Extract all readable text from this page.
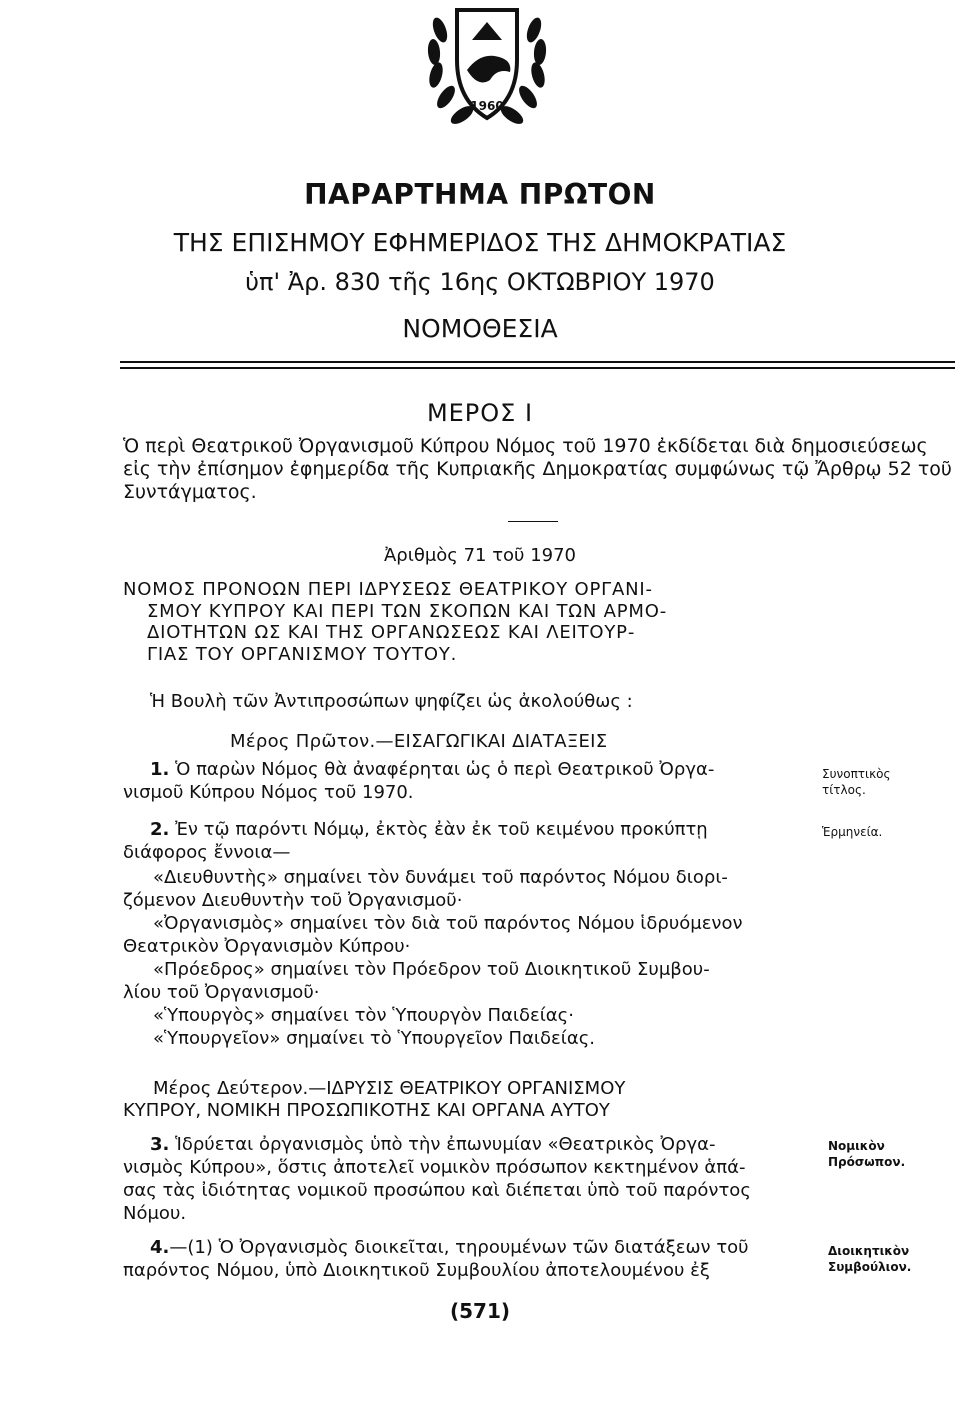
1960
ΠΑΡΑΡΤΗΜΑ ΠΡΩΤΟΝ
ΤΗΣ ΕΠΙΣΗΜΟΥ ΕΦΗΜΕΡΙΔΟΣ ΤΗΣ ΔΗΜΟΚΡΑΤΙΑΣ
ὑπ' Ἀρ. 830 τῆς 16ης ΟΚΤΩΒΡΙΟΥ 1970
ΝΟΜΟΘΕΣΙΑ
ΜΕΡΟΣ Ι

Ὁ περὶ Θεατρικοῦ Ὀργανισμοῦ Κύπρου Νόμος τοῦ 1970 ἐκδίδεται διὰ δημοσιεύσεως εἰς τὴν ἐπίσημον ἐφημερίδα τῆς Κυπριακῆς Δημοκρατίας συμφώνως τῷ Ἄρθρῳ 52 τοῦ Συντάγματος.

Ἀριθμὸς 71 τοῦ 1970
ΝΟΜΟΣ ΠΡΟΝΟΩΝ ΠΕΡΙ ΙΔΡΥΣΕΩΣ ΘΕΑΤΡΙΚΟΥ ΟΡΓΑΝΙ-
ΣΜΟΥ ΚΥΠΡΟΥ ΚΑΙ ΠΕΡΙ ΤΩΝ ΣΚΟΠΩΝ ΚΑΙ ΤΩΝ ΑΡΜΟ-
ΔΙΟΤΗΤΩΝ ΩΣ ΚΑΙ ΤΗΣ ΟΡΓΑΝΩΣΕΩΣ ΚΑΙ ΛΕΙΤΟΥΡ-
ΓΙΑΣ ΤΟΥ ΟΡΓΑΝΙΣΜΟΥ ΤΟΥΤΟΥ.
Ἡ Βουλὴ τῶν Ἀντιπροσώπων ψηφίζει ὡς ἀκολούθως :
Μέρος Πρῶτον.—ΕΙΣΑΓΩΓΙΚΑΙ ΔΙΑΤΑΞΕΙΣ
1. Ὁ παρὼν Νόμος θὰ ἀναφέρηται ὡς ὁ περὶ Θεατρικοῦ Ὀργα-
νισμοῦ Κύπρου Νόμος τοῦ 1970.
Συνοπτικὸς
τίτλος.
2. Ἐν τῷ παρόντι Νόμῳ, ἐκτὸς ἐὰν ἐκ τοῦ κειμένου προκύπτῃ
διάφορος ἔννοια—
Ἑρμηνεία.
«Διευθυντὴς» σημαίνει τὸν δυνάμει τοῦ παρόντος Νόμου διορι-
ζόμενον Διευθυντὴν τοῦ Ὀργανισμοῦ·
«Ὀργανισμὸς» σημαίνει τὸν διὰ τοῦ παρόντος Νόμου ἱδρυόμενον
Θεατρικὸν Ὀργανισμὸν Κύπρου·
«Πρόεδρος» σημαίνει τὸν Πρόεδρον τοῦ Διοικητικοῦ Συμβου-
λίου τοῦ Ὀργανισμοῦ·
«Ὑπουργὸς» σημαίνει τὸν Ὑπουργὸν Παιδείας·
«Ὑπουργεῖον» σημαίνει τὸ Ὑπουργεῖον Παιδείας.
Μέρος Δεύτερον.—ΙΔΡΥΣΙΣ ΘΕΑΤΡΙΚΟΥ ΟΡΓΑΝΙΣΜΟΥ
ΚΥΠΡΟΥ, ΝΟΜΙΚΗ ΠΡΟΣΩΠΙΚΟΤΗΣ ΚΑΙ ΟΡΓΑΝΑ ΑΥΤΟΥ
3. Ἱδρύεται ὀργανισμὸς ὑπὸ τὴν ἐπωνυμίαν «Θεατρικὸς Ὀργα-
νισμὸς Κύπρου», ὅστις ἀποτελεῖ νομικὸν πρόσωπον κεκτημένον ἁπά-
σας τὰς ἰδιότητας νομικοῦ προσώπου καὶ διέπεται ὑπὸ τοῦ παρόντος
Νόμου.
Νομικὸν
Πρόσωπον.
4.—(1) Ὁ Ὀργανισμὸς διοικεῖται, τηρουμένων τῶν διατάξεων τοῦ
παρόντος Νόμου, ὑπὸ Διοικητικοῦ Συμβουλίου ἀποτελουμένου ἐξ
Διοικητικὸν
Συμβούλιον.
(571)
